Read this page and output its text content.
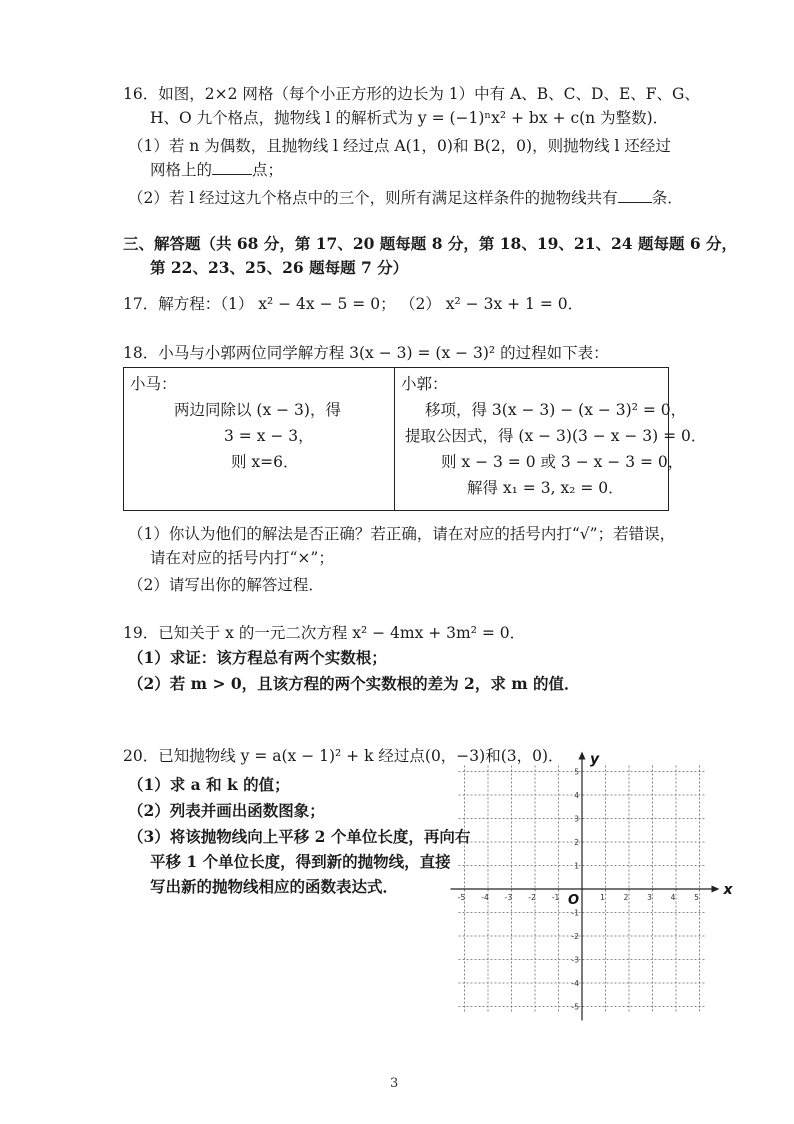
16．如图，2×2 网格（每个小正方形的边长为 1）中有 A、B、C、D、E、F、G、
H、O 九个格点，抛物线 l 的解析式为 y = (−1)ⁿx² + bx + c(n 为整数)．
（1）若 n 为偶数，且抛物线 l 经过点 A(1，0)和 B(2，0)，则抛物线 l 还经过
网格上的	点；
（2）若 l 经过这九个格点中的三个，则所有满足这样条件的抛物线共有 条．
三、解答题（共 68 分，第 17、20 题每题 8 分，第 18、19、21、24 题每题 6 分，
第 22、23、25、26 题每题 7 分）
17．解方程：（1） x² − 4x − 5 = 0； （2） x² − 3x + 1 = 0．
18．小马与小郭两位同学解方程 3(x − 3) = (x − 3)² 的过程如下表：
小马：
两边同除以 (x − 3)，得
3 = x − 3，
则 x=6．

小郭：
移项，得 3(x − 3) − (x − 3)² = 0，
提取公因式，得 (x − 3)(3 − x − 3) = 0．
则 x − 3 = 0 或 3 − x − 3 = 0，
解得 x₁ = 3, x₂ = 0．
（1）你认为他们的解法是否正确？若正确，请在对应的括号内打“√”；若错误，
请在对应的括号内打“×”；
（2）请写出你的解答过程．
19．已知关于 x 的一元二次方程 x² − 4mx + 3m² = 0．
（1）求证：该方程总有两个实数根；
（2）若 m > 0，且该方程的两个实数根的差为 2，求 m 的值．
20．已知抛物线 y = a(x − 1)² + k 经过点(0，−3)和(3，0)．
（1）求 a 和 k 的值；
（2）列表并画出函数图象；
（3）将该抛物线向上平移 2 个单位长度，再向右
平移 1 个单位长度，得到新的抛物线，直接
写出新的抛物线相应的函数表达式．	x
y
O
-5 -4 -3 -2 -1	1 2 3 4 5
5
4
3
2
1
-1
-2
-3
-4
-5
3
